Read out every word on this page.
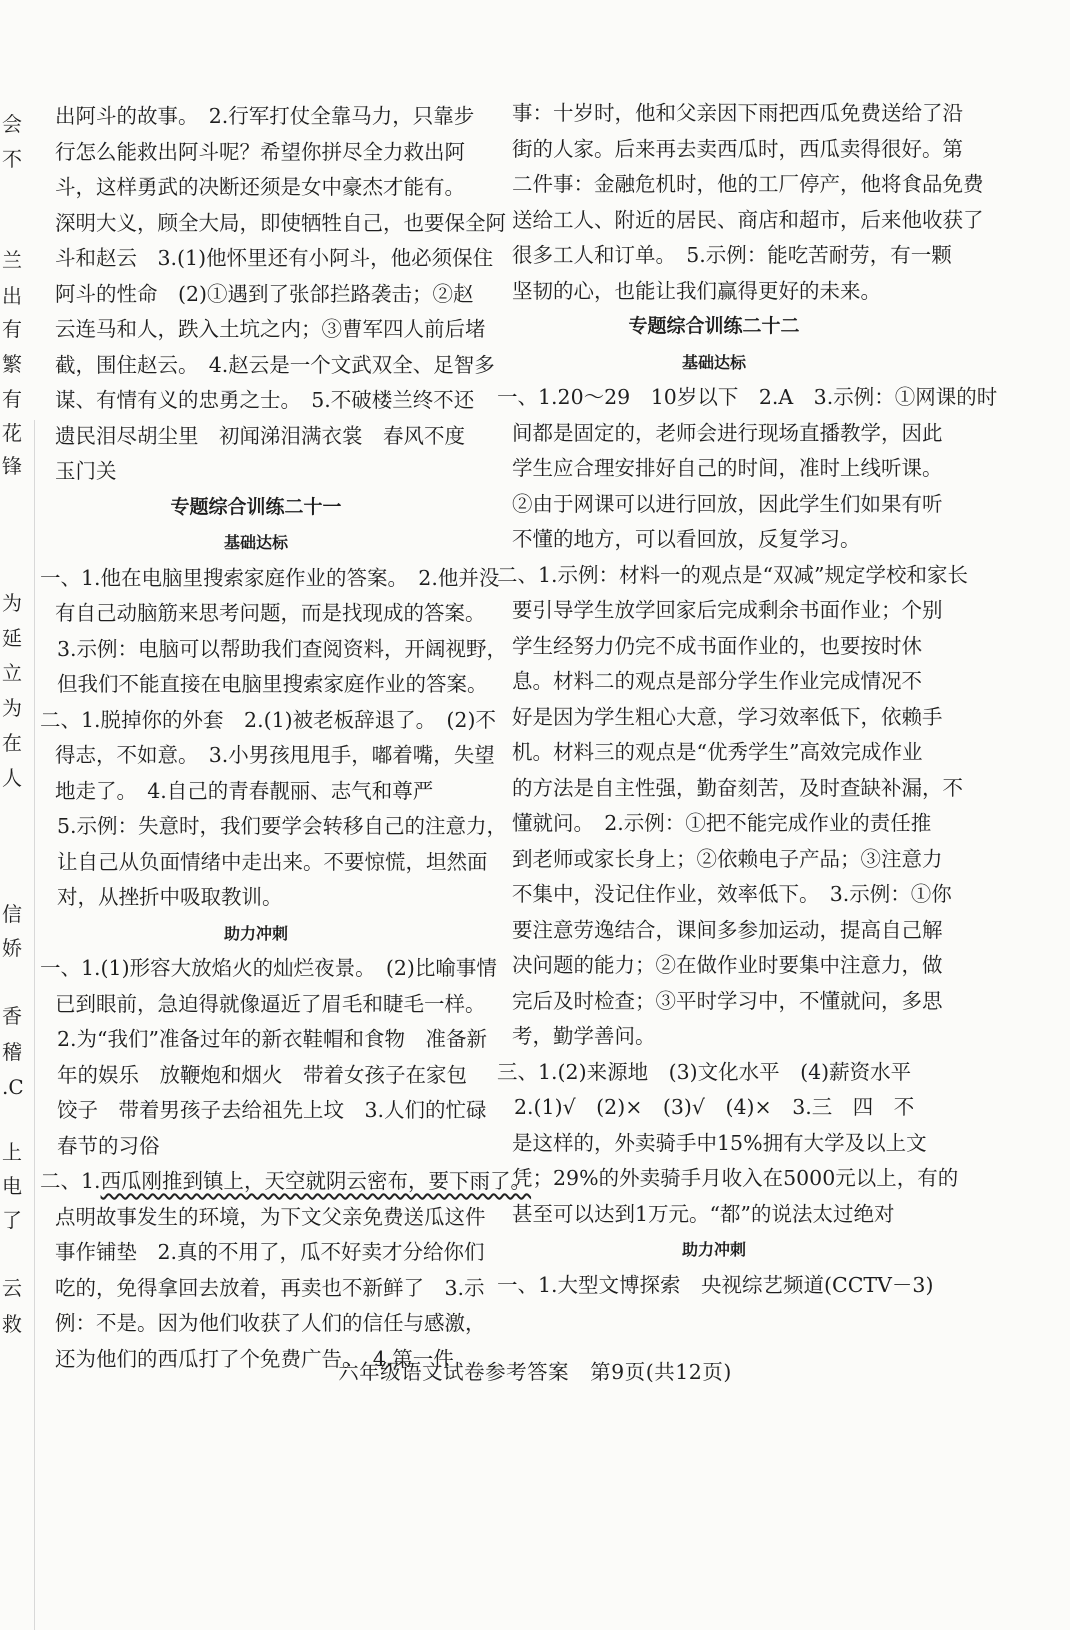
会
不
兰
出
有
繁
有
花
锋
为
延
立
为
在
人
信
娇
香
稽
.C
上
电
了
云
救

出阿斗的故事。　2.行军打仗全靠马力，只靠步

行怎么能救出阿斗呢？希望你拼尽全力救出阿

斗，这样勇武的决断还须是女中豪杰才能有。

深明大义，顾全大局，即使牺牲自己，也要保全阿

斗和赵云　3.(1)他怀里还有小阿斗，他必须保住

阿斗的性命　(2)①遇到了张郃拦路袭击；②赵

云连马和人，跌入土坑之内；③曹军四人前后堵

截，围住赵云。　4.赵云是一个文武双全、足智多

谋、有情有义的忠勇之士。　5.不破楼兰终不还

遗民泪尽胡尘里　初闻涕泪满衣裳　春风不度

玉门关

专题综合训练二十一

基础达标

一、1.他在电脑里搜索家庭作业的答案。　2.他并没

有自己动脑筋来思考问题，而是找现成的答案。

3.示例：电脑可以帮助我们查阅资料，开阔视野，

但我们不能直接在电脑里搜索家庭作业的答案。

二、1.脱掉你的外套　2.(1)被老板辞退了。　(2)不

得志，不如意。　3.小男孩甩甩手，嘟着嘴，失望

地走了。　4.自己的青春靓丽、志气和尊严

5.示例：失意时，我们要学会转移自己的注意力，

让自己从负面情绪中走出来。不要惊慌，坦然面

对，从挫折中吸取教训。

助力冲刺

一、1.(1)形容大放焰火的灿烂夜景。　(2)比喻事情

已到眼前，急迫得就像逼近了眉毛和睫毛一样。

2.为“我们”准备过年的新衣鞋帽和食物　准备新

年的娱乐　放鞭炮和烟火　带着女孩子在家包

饺子　带着男孩子去给祖先上坟　3.人们的忙碌

春节的习俗

二、1.西瓜刚推到镇上，天空就阴云密布，要下雨了。

点明故事发生的环境，为下文父亲免费送瓜这件

事作铺垫　2.真的不用了，瓜不好卖才分给你们

吃的，免得拿回去放着，再卖也不新鲜了　3.示

例：不是。因为他们收获了人们的信任与感激，

还为他们的西瓜打了个免费广告。　4.第一件

事：十岁时，他和父亲因下雨把西瓜免费送给了沿

街的人家。后来再去卖西瓜时，西瓜卖得很好。第

二件事：金融危机时，他的工厂停产，他将食品免费

送给工人、附近的居民、商店和超市，后来他收获了

很多工人和订单。　5.示例：能吃苦耐劳，有一颗

坚韧的心，也能让我们赢得更好的未来。

专题综合训练二十二

基础达标

一、1.20～29　10岁以下　2.A　3.示例：①网课的时

间都是固定的，老师会进行现场直播教学，因此

学生应合理安排好自己的时间，准时上线听课。

②由于网课可以进行回放，因此学生们如果有听

不懂的地方，可以看回放，反复学习。

二、1.示例：材料一的观点是“双减”规定学校和家长

要引导学生放学回家后完成剩余书面作业；个别

学生经努力仍完不成书面作业的，也要按时休

息。材料二的观点是部分学生作业完成情况不

好是因为学生粗心大意，学习效率低下，依赖手

机。材料三的观点是“优秀学生”高效完成作业

的方法是自主性强，勤奋刻苦，及时查缺补漏，不

懂就问。　2.示例：①把不能完成作业的责任推

到老师或家长身上；②依赖电子产品；③注意力

不集中，没记住作业，效率低下。　3.示例：①你

要注意劳逸结合，课间多参加运动，提高自己解

决问题的能力；②在做作业时要集中注意力，做

完后及时检查；③平时学习中，不懂就问，多思

考，勤学善问。

三、1.(2)来源地　(3)文化水平　(4)薪资水平

2.(1)√　(2)×　(3)√　(4)×　3.三　四　不

是这样的，外卖骑手中15%拥有大学及以上文

凭；29%的外卖骑手月收入在5000元以上，有的

甚至可以达到1万元。“都”的说法太过绝对

助力冲刺

一、1.大型文博探索　央视综艺频道(CCTV－3)

六年级语文试卷参考答案　第9页(共12页)
